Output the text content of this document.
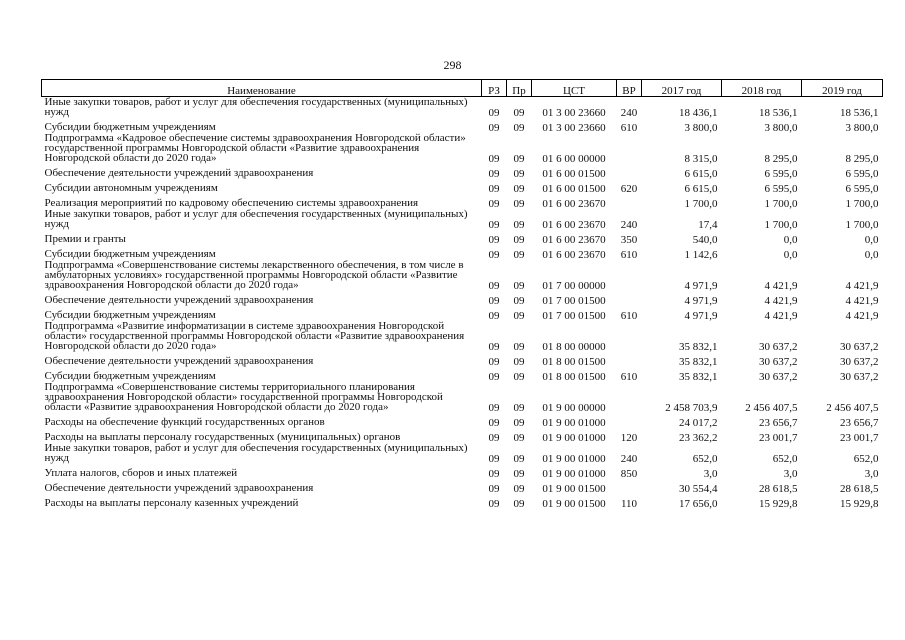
298
Наименование	РЗ	Пр	ЦСТ	ВР	2017 год	2018 год	2019 год
Иные закупки товаров, работ и услуг для обеспечения государственных (муниципальных) нужд	09	09	01 3 00 23660	240	18 436,1	18 536,1	18 536,1
Субсидии бюджетным учреждениям	09	09	01 3 00 23660	610	3 800,0	3 800,0	3 800,0
Подпрограмма «Кадровое обеспечение системы здравоохранения Новгородской области» государственной программы Новгородской области «Развитие здравоохранения Новгородской области до 2020 года»	09	09	01 6 00 00000		8 315,0	8 295,0	8 295,0
Обеспечение деятельности учреждений здравоохранения	09	09	01 6 00 01500		6 615,0	6 595,0	6 595,0
Субсидии автономным учреждениям	09	09	01 6 00 01500	620	6 615,0	6 595,0	6 595,0
Реализация мероприятий по кадровому обеспечению системы здравоохранения	09	09	01 6 00 23670		1 700,0	1 700,0	1 700,0
Иные закупки товаров, работ и услуг для обеспечения государственных (муниципальных) нужд	09	09	01 6 00 23670	240	17,4	1 700,0	1 700,0
Премии и гранты	09	09	01 6 00 23670	350	540,0	0,0	0,0
Субсидии бюджетным учреждениям	09	09	01 6 00 23670	610	1 142,6	0,0	0,0
Подпрограмма «Совершенствование системы лекарственного обеспечения, в том числе в амбулаторных условиях» государственной программы Новгородской области «Развитие здравоохранения Новгородской области до 2020 года»	09	09	01 7 00 00000		4 971,9	4 421,9	4 421,9
Обеспечение деятельности учреждений здравоохранения	09	09	01 7 00 01500		4 971,9	4 421,9	4 421,9
Субсидии бюджетным учреждениям	09	09	01 7 00 01500	610	4 971,9	4 421,9	4 421,9
Подпрограмма «Развитие информатизации в системе здравоохранения Новгородской области» государственной программы Новгородской области «Развитие здравоохранения Новгородской области до 2020 года»	09	09	01 8 00 00000		35 832,1	30 637,2	30 637,2
Обеспечение деятельности учреждений здравоохранения	09	09	01 8 00 01500		35 832,1	30 637,2	30 637,2
Субсидии бюджетным учреждениям	09	09	01 8 00 01500	610	35 832,1	30 637,2	30 637,2
Подпрограмма «Совершенствование системы территориального планирования здравоохранения Новгородской области» государственной программы Новгородской области «Развитие здравоохранения Новгородской области до 2020 года»	09	09	01 9 00 00000		2 458 703,9	2 456 407,5	2 456 407,5
Расходы на обеспечение функций государственных органов	09	09	01 9 00 01000		24 017,2	23 656,7	23 656,7
Расходы на выплаты персоналу государственных (муниципальных) органов	09	09	01 9 00 01000	120	23 362,2	23 001,7	23 001,7
Иные закупки товаров, работ и услуг для обеспечения государственных (муниципальных) нужд	09	09	01 9 00 01000	240	652,0	652,0	652,0
Уплата налогов, сборов и иных платежей	09	09	01 9 00 01000	850	3,0	3,0	3,0
Обеспечение деятельности учреждений здравоохранения	09	09	01 9 00 01500		30 554,4	28 618,5	28 618,5
Расходы на выплаты персоналу казенных учреждений	09	09	01 9 00 01500	110	17 656,0	15 929,8	15 929,8
